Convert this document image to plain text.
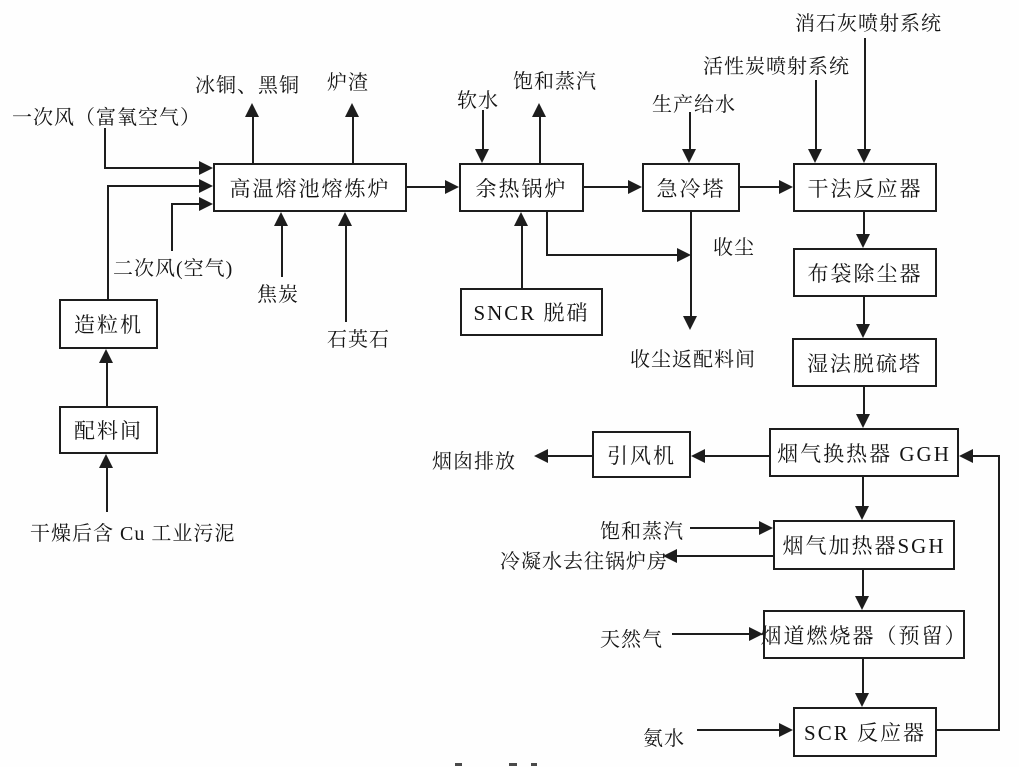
高温熔池熔炼炉	余热锅炉	急冷塔	干法反应器
SNCR 脱硝
布袋除尘器
湿法脱硫塔
引风机	烟气换热器 GGH
烟气加热器SGH
烟道燃烧器（预留）
SCR 反应器
造粒机
配料间
一次风（富氧空气）
冰铜、黑铜 炉渣
二次风(空气)
焦炭
石英石
干燥后含 Cu 工业污泥
软水
饱和蒸汽
生产给水
活性炭喷射系统
消石灰喷射系统
收尘
收尘返配料间
烟囱排放
饱和蒸汽
冷凝水去往锅炉房
天然气
氨水
